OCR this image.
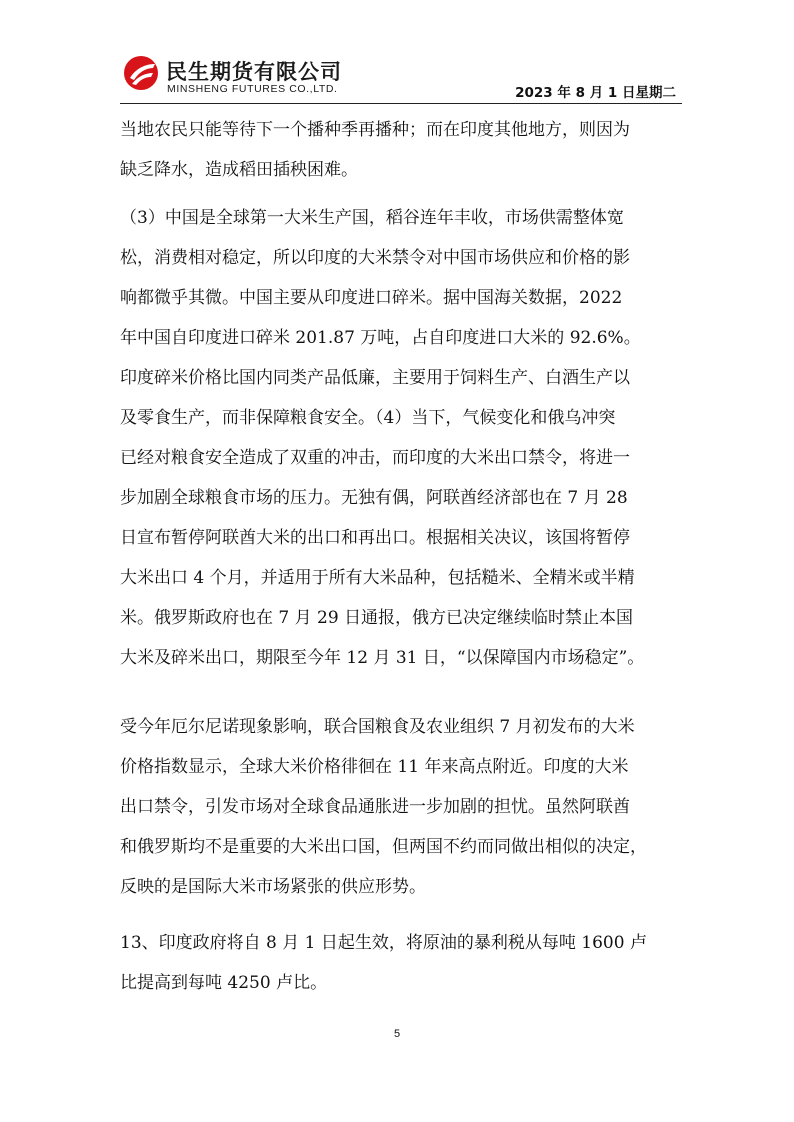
民生期货有限公司
MINSHENG FUTURES CO.,LTD.	2023 年 8 月 1 日星期二
当地农民只能等待下一个播种季再播种；而在印度其他地方，则因为
缺乏降水，造成稻田插秧困难。
（3）中国是全球第一大米生产国，稻谷连年丰收，市场供需整体宽
松，消费相对稳定，所以印度的大米禁令对中国市场供应和价格的影
响都微乎其微。中国主要从印度进口碎米。据中国海关数据，2022
年中国自印度进口碎米 201.87 万吨，占自印度进口大米的 92.6%。
印度碎米价格比国内同类产品低廉，主要用于饲料生产、白酒生产以
及零食生产，而非保障粮食安全。（4）当下，气候变化和俄乌冲突
已经对粮食安全造成了双重的冲击，而印度的大米出口禁令，将进一
步加剧全球粮食市场的压力。无独有偶，阿联酋经济部也在 7 月 28
日宣布暂停阿联酋大米的出口和再出口。根据相关决议，该国将暂停
大米出口 4 个月，并适用于所有大米品种，包括糙米、全精米或半精
米。俄罗斯政府也在 7 月 29 日通报，俄方已决定继续临时禁止本国
大米及碎米出口，期限至今年 12 月 31 日，“以保障国内市场稳定”。
受今年厄尔尼诺现象影响，联合国粮食及农业组织 7 月初发布的大米
价格指数显示，全球大米价格徘徊在 11 年来高点附近。印度的大米
出口禁令，引发市场对全球食品通胀进一步加剧的担忧。虽然阿联酋
和俄罗斯均不是重要的大米出口国，但两国不约而同做出相似的决定，
反映的是国际大米市场紧张的供应形势。
13、印度政府将自 8 月 1 日起生效，将原油的暴利税从每吨 1600 卢
比提高到每吨 4250 卢比。
5
